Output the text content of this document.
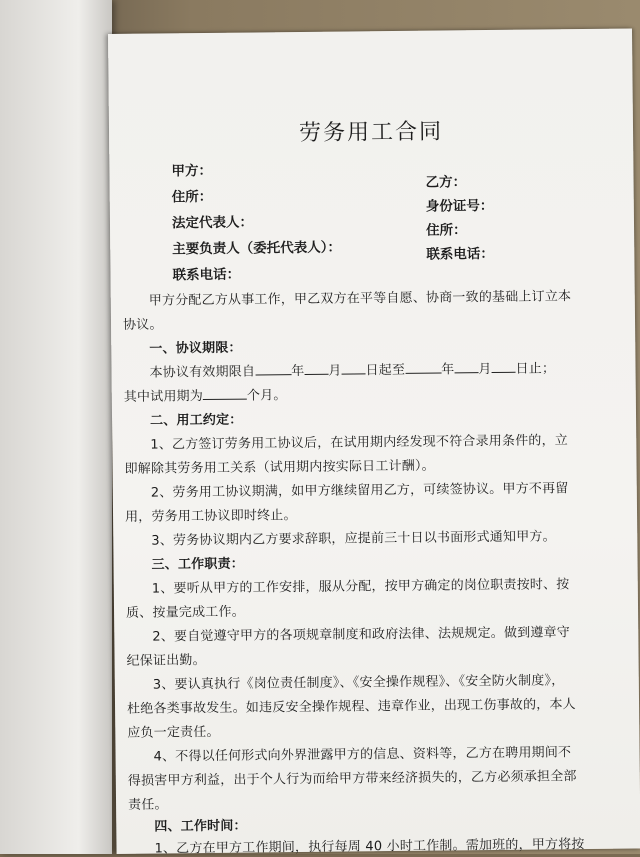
劳务用工合同
甲方：
住所：
法定代表人：
主要负责人（委托代表人）：
联系电话：
乙方：
身份证号：
住所：
联系电话：
甲方分配乙方从事工作，甲乙双方在平等自愿、协商一致的基础上订立本
协议。
一、协议期限：
本协议有效期限自	年 月 日起至	年 月 日止；
其中试用期为	个月。
二、用工约定：
1、乙方签订劳务用工协议后，在试用期内经发现不符合录用条件的，立
即解除其劳务用工关系（试用期内按实际日工计酬）。
2、劳务用工协议期满，如甲方继续留用乙方，可续签协议。甲方不再留
用，劳务用工协议即时终止。
3、劳务协议期内乙方要求辞职，应提前三十日以书面形式通知甲方。
三、工作职责：
1、要听从甲方的工作安排，服从分配，按甲方确定的岗位职责按时、按
质、按量完成工作。
2、要自觉遵守甲方的各项规章制度和政府法律、法规规定。做到遵章守
纪保证出勤。
3、要认真执行《岗位责任制度》、《安全操作规程》、《安全防火制度》，
杜绝各类事故发生。如违反安全操作规程、违章作业，出现工伤事故的，本人
应负一定责任。
4、不得以任何形式向外界泄露甲方的信息、资料等，乙方在聘用期间不
得损害甲方利益，出于个人行为而给甲方带来经济损失的，乙方必须承担全部
责任。
四、工作时间：
1、乙方在甲方工作期间，执行每周 40 小时工作制。需加班的，甲方将按
